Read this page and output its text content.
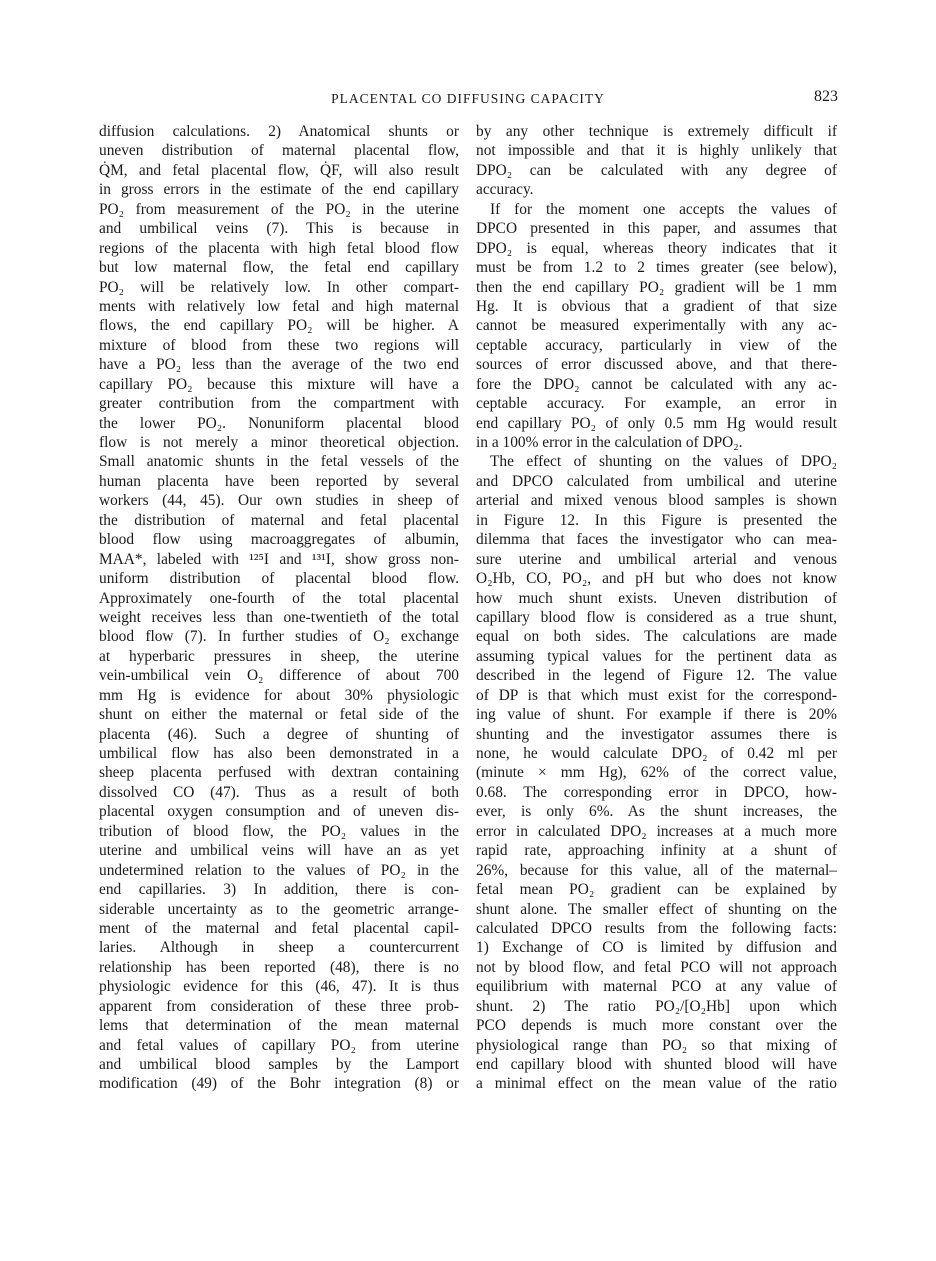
PLACENTAL CO DIFFUSING CAPACITY	823

diffusion calculations. 2) Anatomical shunts or
uneven distribution of maternal placental flow,
Q̇M, and fetal placental flow, Q̇F, will also result
in gross errors in the estimate of the end capillary
PO₂ from measurement of the PO₂ in the uterine
and umbilical veins (7). This is because in
regions of the placenta with high fetal blood flow
but low maternal flow, the fetal end capillary
PO₂ will be relatively low. In other compart-
ments with relatively low fetal and high maternal
flows, the end capillary PO₂ will be higher. A
mixture of blood from these two regions will
have a PO₂ less than the average of the two end
capillary PO₂ because this mixture will have a
greater contribution from the compartment with
the lower PO₂. Nonuniform placental blood
flow is not merely a minor theoretical objection.
Small anatomic shunts in the fetal vessels of the
human placenta have been reported by several
workers (44, 45). Our own studies in sheep of
the distribution of maternal and fetal placental
blood flow using macroaggregates of albumin,
MAA*, labeled with ¹²⁵I and ¹³¹I, show gross non-
uniform distribution of placental blood flow.
Approximately one-fourth of the total placental
weight receives less than one-twentieth of the total
blood flow (7). In further studies of O₂ exchange
at hyperbaric pressures in sheep, the uterine
vein-umbilical vein O₂ difference of about 700
mm Hg is evidence for about 30% physiologic
shunt on either the maternal or fetal side of the
placenta (46). Such a degree of shunting of
umbilical flow has also been demonstrated in a
sheep placenta perfused with dextran containing
dissolved CO (47). Thus as a result of both
placental oxygen consumption and of uneven dis-
tribution of blood flow, the PO₂ values in the
uterine and umbilical veins will have an as yet
undetermined relation to the values of PO₂ in the
end capillaries. 3) In addition, there is con-
siderable uncertainty as to the geometric arrange-
ment of the maternal and fetal placental capil-
laries. Although in sheep a countercurrent
relationship has been reported (48), there is no
physiologic evidence for this (46, 47). It is thus
apparent from consideration of these three prob-
lems that determination of the mean maternal
and fetal values of capillary PO₂ from uterine
and umbilical blood samples by the Lamport
modification (49) of the Bohr integration (8) or

by any other technique is extremely difficult if
not impossible and that it is highly unlikely that
DPO₂ can be calculated with any degree of
accuracy.
If for the moment one accepts the values of
DPCO presented in this paper, and assumes that
DPO₂ is equal, whereas theory indicates that it
must be from 1.2 to 2 times greater (see below),
then the end capillary PO₂ gradient will be 1 mm
Hg. It is obvious that a gradient of that size
cannot be measured experimentally with any ac-
ceptable accuracy, particularly in view of the
sources of error discussed above, and that there-
fore the DPO₂ cannot be calculated with any ac-
ceptable accuracy. For example, an error in
end capillary PO₂ of only 0.5 mm Hg would result
in a 100% error in the calculation of DPO₂.
The effect of shunting on the values of DPO₂
and DPCO calculated from umbilical and uterine
arterial and mixed venous blood samples is shown
in Figure 12. In this Figure is presented the
dilemma that faces the investigator who can mea-
sure uterine and umbilical arterial and venous
O₂Hb, CO, PO₂, and pH but who does not know
how much shunt exists. Uneven distribution of
capillary blood flow is considered as a true shunt,
equal on both sides. The calculations are made
assuming typical values for the pertinent data as
described in the legend of Figure 12. The value
of DP is that which must exist for the correspond-
ing value of shunt. For example if there is 20%
shunting and the investigator assumes there is
none, he would calculate DPO₂ of 0.42 ml per
(minute × mm Hg), 62% of the correct value,
0.68. The corresponding error in DPCO, how-
ever, is only 6%. As the shunt increases, the
error in calculated DPO₂ increases at a much more
rapid rate, approaching infinity at a shunt of
26%, because for this value, all of the maternal–
fetal mean PO₂ gradient can be explained by
shunt alone. The smaller effect of shunting on the
calculated DPCO results from the following facts:
1) Exchange of CO is limited by diffusion and
not by blood flow, and fetal PCO will not approach
equilibrium with maternal PCO at any value of
shunt. 2) The ratio PO₂/[O₂Hb] upon which
PCO depends is much more constant over the
physiological range than PO₂ so that mixing of
end capillary blood with shunted blood will have
a minimal effect on the mean value of the ratio
